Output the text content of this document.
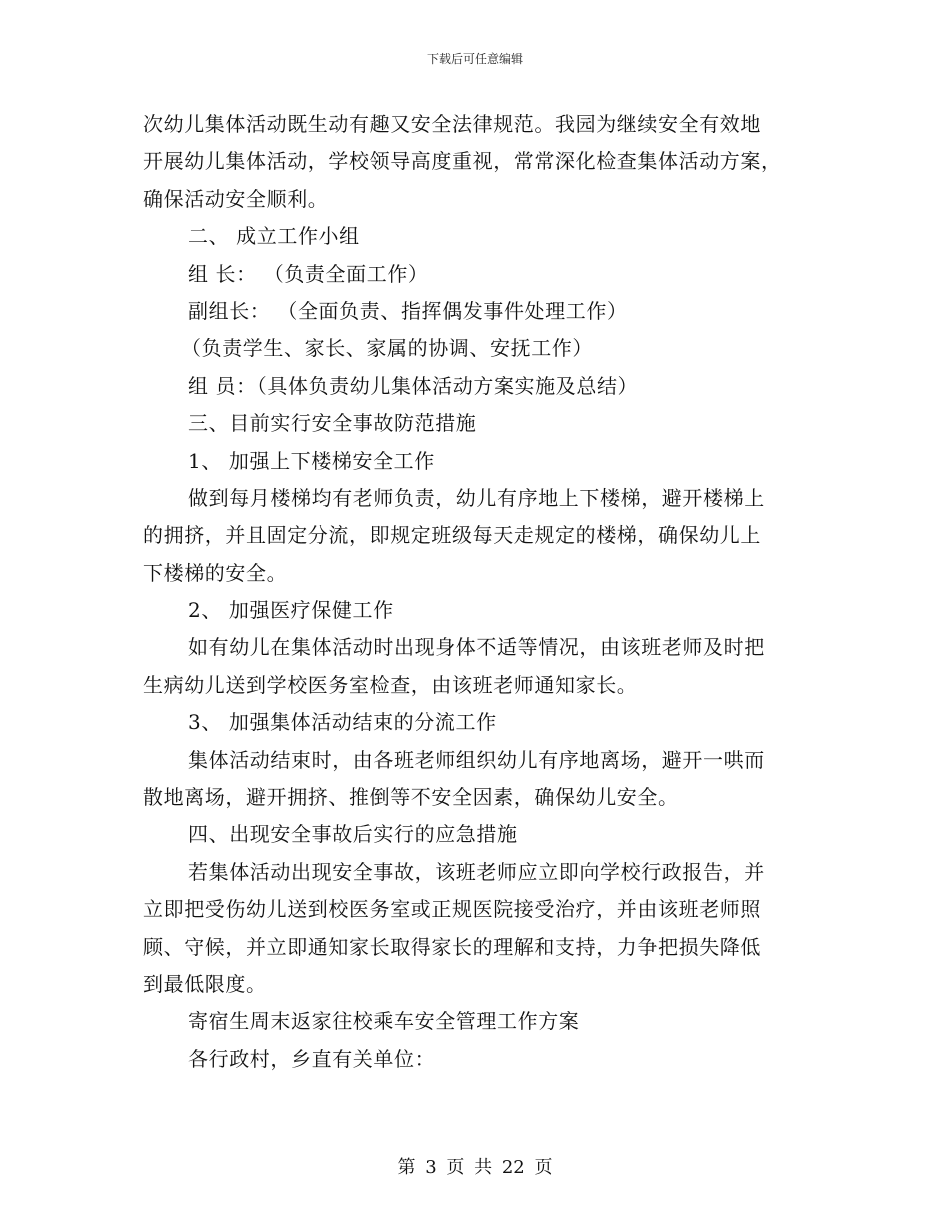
下载后可任意编辑
次幼儿集体活动既生动有趣又安全法律规范。我园为继续安全有效地
开展幼儿集体活动，学校领导高度重视，常常深化检查集体活动方案，
确保活动安全顺利。
二、 成立工作小组
组 长： （负责全面工作）
副组长： （全面负责、指挥偶发事件处理工作）
（负责学生、家长、家属的协调、安抚工作）
组 员：（具体负责幼儿集体活动方案实施及总结）
三、目前实行安全事故防范措施
1、 加强上下楼梯安全工作
做到每月楼梯均有老师负责，幼儿有序地上下楼梯，避开楼梯上
的拥挤，并且固定分流，即规定班级每天走规定的楼梯，确保幼儿上
下楼梯的安全。
2、 加强医疗保健工作
如有幼儿在集体活动时出现身体不适等情况，由该班老师及时把
生病幼儿送到学校医务室检查，由该班老师通知家长。
3、 加强集体活动结束的分流工作
集体活动结束时，由各班老师组织幼儿有序地离场，避开一哄而
散地离场，避开拥挤、推倒等不安全因素，确保幼儿安全。
四、出现安全事故后实行的应急措施
若集体活动出现安全事故，该班老师应立即向学校行政报告，并
立即把受伤幼儿送到校医务室或正规医院接受治疗，并由该班老师照
顾、守候，并立即通知家长取得家长的理解和支持，力争把损失降低
到最低限度。
寄宿生周末返家往校乘车安全管理工作方案
各行政村，乡直有关单位：
第 3 页 共 22 页
